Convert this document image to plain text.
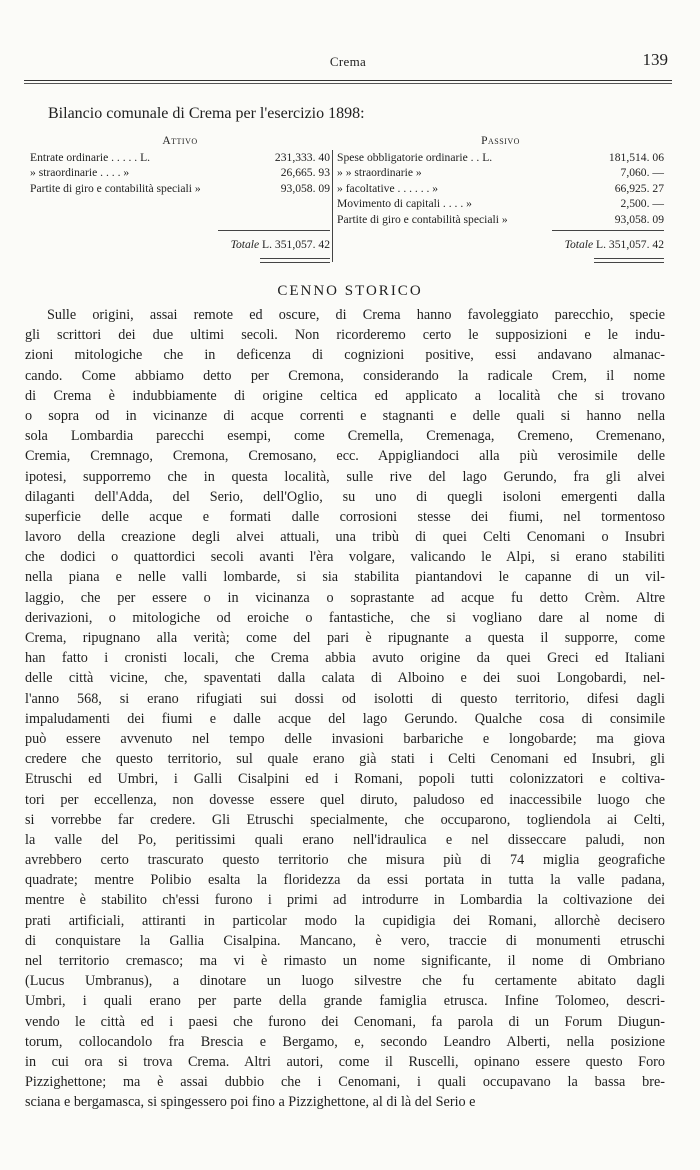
Crema	139
Bilancio comunale di Crema per l'esercizio 1898:
Attivo
Entrate ordinarie . . . . . L.	231,333. 40
» straordinarie . . . . »	26,665. 93
Partite di giro e contabilità speciali »	93,058. 09
Totale L. 351,057. 42
Passivo
Spese obbligatorie ordinarie . . L.	181,514. 06
» » straordinarie »	7,060. —
» facoltative . . . . . . »	66,925. 27
Movimento di capitali . . . . »	2,500. —
Partite di giro e contabilità speciali »	93,058. 09
Totale L. 351,057. 42
CENNO STORICO
Sulle origini, assai remote ed oscure, di Crema hanno favoleggiato parecchio, specie
gli scrittori dei due ultimi secoli. Non ricorderemo certo le supposizioni e le indu-
zioni mitologiche che in deficenza di cognizioni positive, essi andavano almanac-
cando. Come abbiamo detto per Cremona, considerando la radicale Crem, il nome
di Crema è indubbiamente di origine celtica ed applicato a località che si trovano
o sopra od in vicinanze di acque correnti e stagnanti e delle quali si hanno nella
sola Lombardia parecchi esempi, come Cremella, Cremenaga, Cremeno, Cremenano,
Cremia, Cremnago, Cremona, Cremosano, ecc. Appigliandoci alla più verosimile delle
ipotesi, supporremo che in questa località, sulle rive del lago Gerundo, fra gli alvei
dilaganti dell'Adda, del Serio, dell'Oglio, su uno di quegli isoloni emergenti dalla
superficie delle acque e formati dalle corrosioni stesse dei fiumi, nel tormentoso
lavoro della creazione degli alvei attuali, una tribù di quei Celti Cenomani o Insubri
che dodici o quattordici secoli avanti l'èra volgare, valicando le Alpi, si erano stabiliti
nella piana e nelle valli lombarde, si sia stabilita piantandovi le capanne di un vil-
laggio, che per essere o in vicinanza o soprastante ad acque fu detto Crèm. Altre
derivazioni, o mitologiche od eroiche o fantastiche, che si vogliano dare al nome di
Crema, ripugnano alla verità; come del pari è ripugnante a questa il supporre, come
han fatto i cronisti locali, che Crema abbia avuto origine da quei Greci ed Italiani
delle città vicine, che, spaventati dalla calata di Alboino e dei suoi Longobardi, nel-
l'anno 568, si erano rifugiati sui dossi od isolotti di questo territorio, difesi dagli
impaludamenti dei fiumi e dalle acque del lago Gerundo. Qualche cosa di consimile
può essere avvenuto nel tempo delle invasioni barbariche e longobarde; ma giova
credere che questo territorio, sul quale erano già stati i Celti Cenomani ed Insubri, gli
Etruschi ed Umbri, i Galli Cisalpini ed i Romani, popoli tutti colonizzatori e coltiva-
tori per eccellenza, non dovesse essere quel diruto, paludoso ed inaccessibile luogo che
si vorrebbe far credere. Gli Etruschi specialmente, che occuparono, togliendola ai Celti,
la valle del Po, peritissimi quali erano nell'idraulica e nel disseccare paludi, non
avrebbero certo trascurato questo territorio che misura più di 74 miglia geografiche
quadrate; mentre Polibio esalta la floridezza da essi portata in tutta la valle padana,
mentre è stabilito ch'essi furono i primi ad introdurre in Lombardia la coltivazione dei
prati artificiali, attiranti in particolar modo la cupidigia dei Romani, allorchè decisero
di conquistare la Gallia Cisalpina. Mancano, è vero, traccie di monumenti etruschi
nel territorio cremasco; ma vi è rimasto un nome significante, il nome di Ombriano
(Lucus Umbranus), a dinotare un luogo silvestre che fu certamente abitato dagli
Umbri, i quali erano per parte della grande famiglia etrusca. Infine Tolomeo, descri-
vendo le città ed i paesi che furono dei Cenomani, fa parola di un Forum Diugun-
torum, collocandolo fra Brescia e Bergamo, e, secondo Leandro Alberti, nella posizione
in cui ora si trova Crema. Altri autori, come il Ruscelli, opinano essere questo Foro
Pizzighettone; ma è assai dubbio che i Cenomani, i quali occupavano la bassa bre-
sciana e bergamasca, si spingessero poi fino a Pizzighettone, al di là del Serio e
